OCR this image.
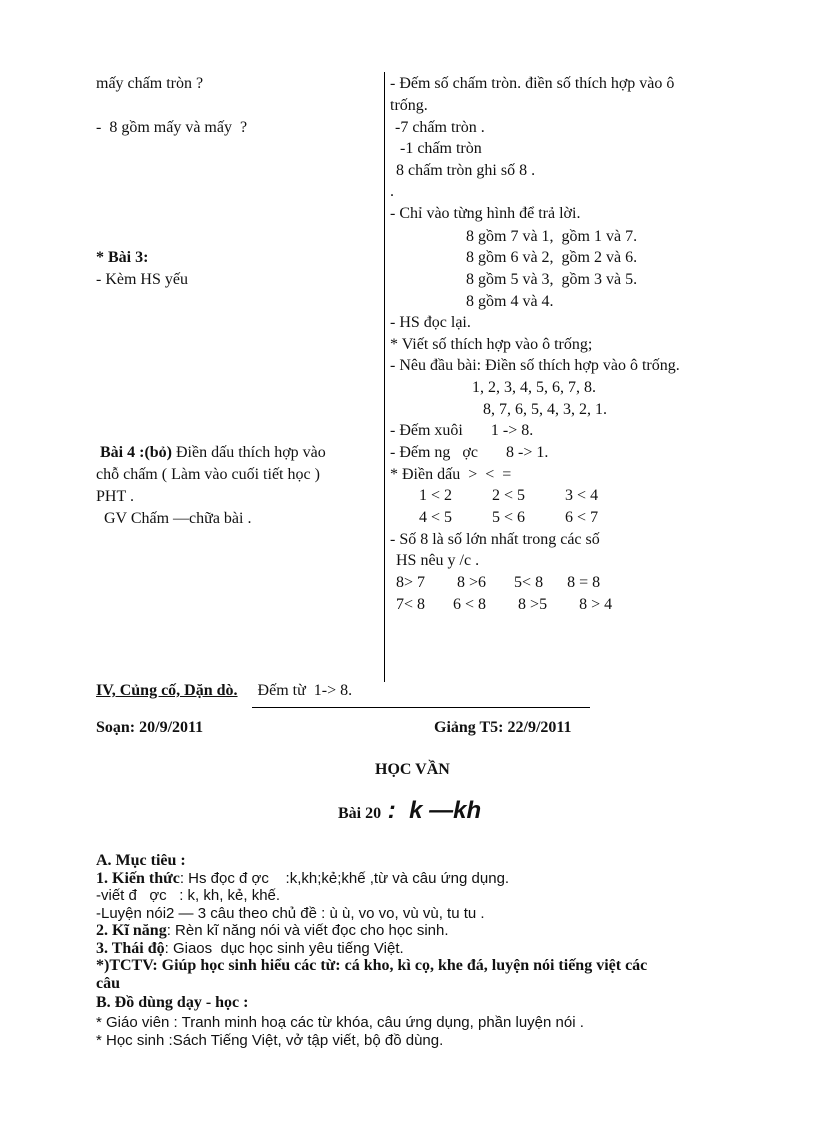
mấy chấm tròn ?
-  8 gồm mấy và mấy  ?
* Bài 3:
- Kèm HS yếu
Bài 4 :(bỏ) Điền dấu thích hợp vào
chỗ chấm ( Làm vào cuối tiết học )
PHT .
GV Chấm —chữa bài .
- Đếm số chấm tròn. điền số thích hợp vào ô
trống.
-7 chấm tròn .
-1 chấm tròn
8 chấm tròn ghi số 8 .
.
- Chỉ vào từng hình để trả lời.
8 gồm 7 và 1,  gồm 1 và 7.
8 gồm 6 và 2,  gồm 2 và 6.
8 gồm 5 và 3,  gồm 3 và 5.
8 gồm 4 và 4.
- HS đọc lại.
* Viết số thích hợp vào ô trống;
- Nêu đầu bài: Điền số thích hợp vào ô trống.
1, 2, 3, 4, 5, 6, 7, 8.
8, 7, 6, 5, 4, 3, 2, 1.
- Đếm xuôi       1 -> 8.
- Đếm ng   ợc       8 -> 1.
* Điền dấu  >  <  =
1 < 2          2 < 5          3 < 4
4 < 5          5 < 6          6 < 7
- Số 8 là số lớn nhất trong các số
HS nêu y /c .
8> 7        8 >6       5< 8      8 = 8
7< 8       6 < 8        8 >5        8 > 4
IV, Củng cố, Dặn dò. Đếm từ  1-> 8.
Soạn: 20/9/2011	Giảng T5: 22/9/2011
HỌC VẦN
Bài 20 : k —kh
A. Mục tiêu :
1. Kiến thức: Hs đọc đ ợc    :k,kh;kẻ;khế ,từ và câu ứng dụng.
-viết đ   ợc   : k, kh, kẻ, khế.
-Luyện nói2 — 3 câu theo chủ đề : ù ù, vo vo, vù vù, tu tu .
2. Kĩ năng: Rèn kĩ năng nói và viết đọc cho học sinh.
3. Thái độ: Giaos  dục học sinh yêu tiếng Việt.
*)TCTV: Giúp học sinh hiểu các từ: cá kho, kì cọ, khe đá, luyện nói tiếng việt các
câu
B. Đồ dùng dạy - học :
* Giáo viên : Tranh minh hoạ các từ khóa, câu ứng dụng, phần luyện nói .
* Học sinh :Sách Tiếng Việt, vở tập viết, bộ đồ dùng.
